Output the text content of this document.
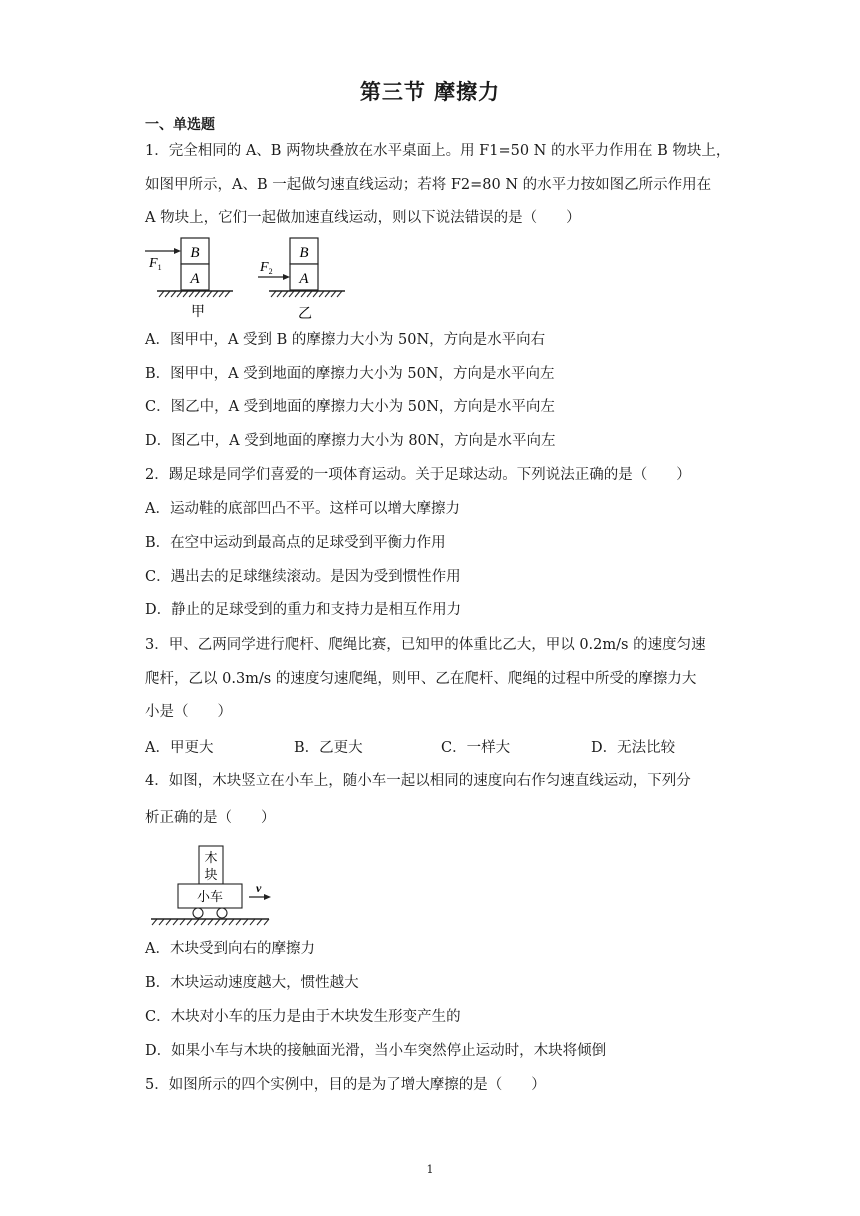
第三节 摩擦力
一、单选题
1．完全相同的 A、B 两物块叠放在水平桌面上。用 F1=50 N 的水平力作用在 B 物块上，
如图甲所示，A、B 一起做匀速直线运动；若将 F2=80 N 的水平力按如图乙所示作用在
A 物块上，它们一起做加速直线运动，则以下说法错误的是（　　）
B
A
$F_1$
甲
B
A
$F_2$
乙
A．图甲中，A 受到 B 的摩擦力大小为 50N，方向是水平向右
B．图甲中，A 受到地面的摩擦力大小为 50N，方向是水平向左
C．图乙中，A 受到地面的摩擦力大小为 50N，方向是水平向左
D．图乙中，A 受到地面的摩擦力大小为 80N，方向是水平向左
2．踢足球是同学们喜爱的一项体育运动。关于足球达动。下列说法正确的是（　　）
A．运动鞋的底部凹凸不平。这样可以增大摩擦力
B．在空中运动到最高点的足球受到平衡力作用
C．遇出去的足球继续滚动。是因为受到惯性作用
D．静止的足球受到的重力和支持力是相互作用力
3．甲、乙两同学进行爬杆、爬绳比赛，已知甲的体重比乙大，甲以 0.2m/s 的速度匀速
爬杆，乙以 0.3m/s 的速度匀速爬绳，则甲、乙在爬杆、爬绳的过程中所受的摩擦力大
小是（　　）
A．甲更大	B．乙更大	C．一样大	D．无法比较
4．如图，木块竖立在小车上，随小车一起以相同的速度向右作匀速直线运动，下列分
析正确的是（　　）
木
块
小车
v
A．木块受到向右的摩擦力
B．木块运动速度越大，惯性越大
C．木块对小车的压力是由于木块发生形变产生的
D．如果小车与木块的接触面光滑，当小车突然停止运动时，木块将倾倒
5．如图所示的四个实例中，目的是为了增大摩擦的是（　　）
1
